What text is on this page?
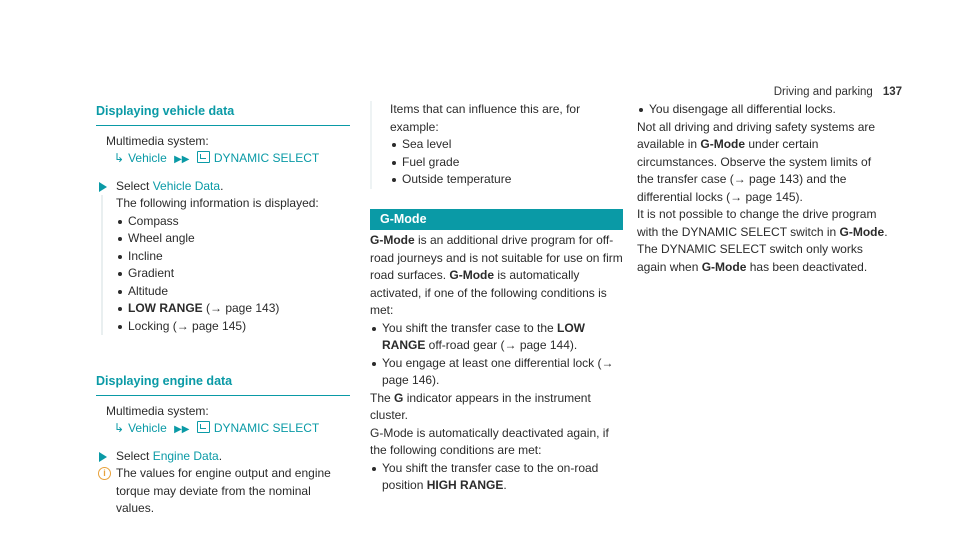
Driving and parking 137
Displaying vehicle data
Multimedia system:
↳ Vehicle ▶▶ DYNAMIC SELECT
Select Vehicle Data.
The following information is displayed:
Compass
Wheel angle
Incline
Gradient
Altitude
LOW RANGE (→ page 143)
Locking (→ page 145)
Displaying engine data
Multimedia system:
↳ Vehicle ▶▶ DYNAMIC SELECT
Select Engine Data.
i The values for engine output and engine torque may deviate from the nominal values.
Items that can influence this are, for example:
Sea level
Fuel grade
Outside temperature
G-Mode

G-Mode is an additional drive program for off-road journeys and is not suitable for use on firm road surfaces. G-Mode is automatically activated, if one of the following conditions is met:

You shift the transfer case to the LOW RANGE off-road gear (→ page 144).
You engage at least one differential lock (→ page 146).

The G indicator appears in the instrument cluster.

G-Mode is automatically deactivated again, if the following conditions are met:

You shift the transfer case to the on-road position HIGH RANGE.
You disengage all differential locks.

Not all driving and driving safety systems are available in G-Mode under certain circumstances. Observe the system limits of the transfer case (→ page 143) and the differential locks (→ page 145).

It is not possible to change the drive program with the DYNAMIC SELECT switch in G-Mode. The DYNAMIC SELECT switch only works again when G-Mode has been deactivated.
